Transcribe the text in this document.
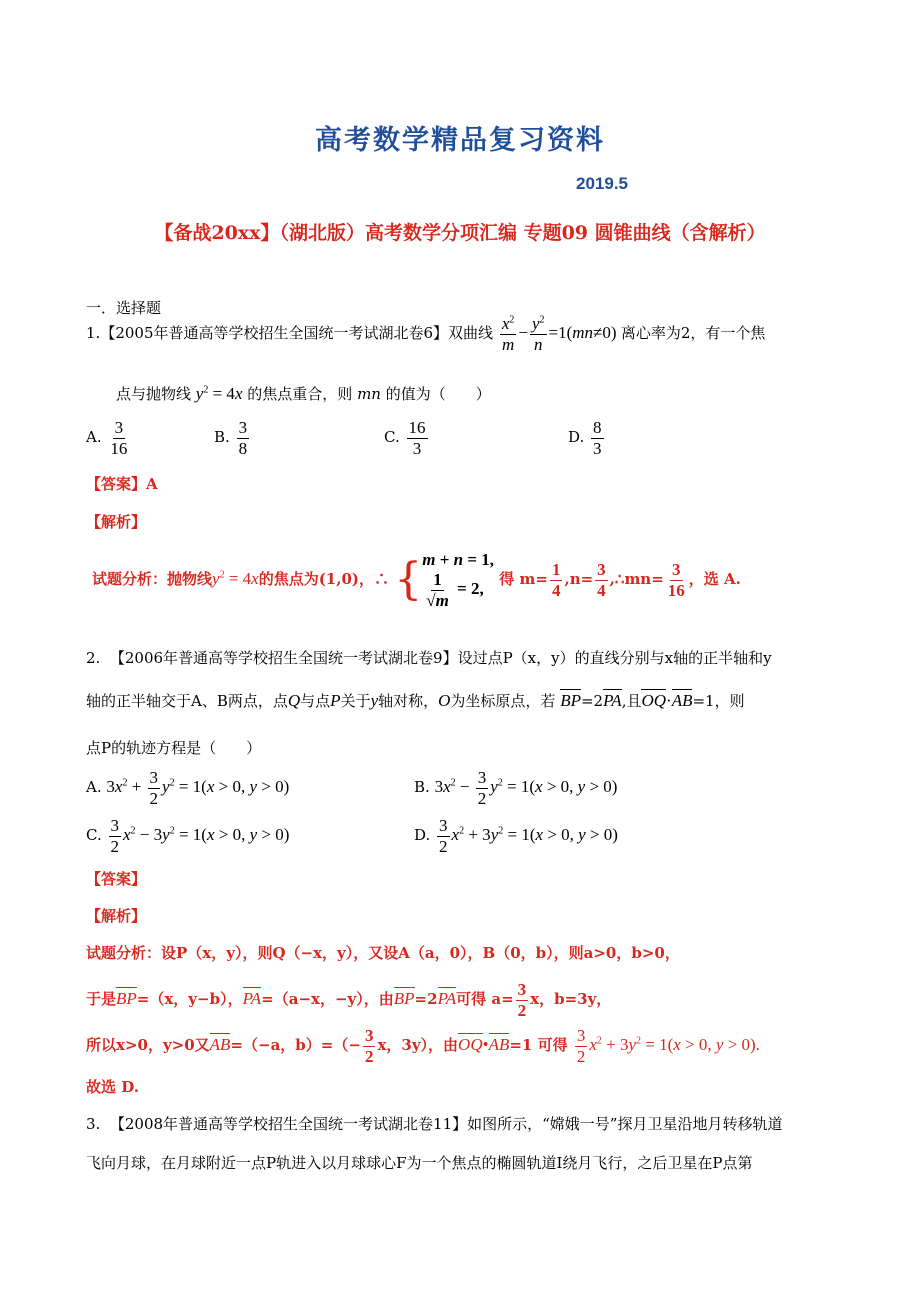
高考数学精品复习资料
2019.5
【备战20xx】（湖北版）高考数学分项汇编 专题09 圆锥曲线（含解析）
一．选择题
1.【2005年普通高等学校招生全国统一考试湖北卷6】双曲线 $\frac{x^2}{m} - \frac{y^2}{n} =1(mn\ne 0)$ 离心率为2，有一个焦
点与抛物线 $y^2 = 4x$ 的焦点重合，则 mn 的值为（　　）
A. $\frac{3}{16}$	B. $\frac{3}{8}$	C. $\frac{16}{3}$	D. $\frac{8}{3}$
【答案】A
【解析】
试题分析：抛物线$y^2 = 4x$的焦点为(1,0)，∴ { m + n = 1,
$\frac{1}{√m} = 2$,	得 $m= \frac{1}{4} ,n= \frac{3}{4}$ ,∴mn= $\frac{3}{16}$ ，选 A.
2. 【2006年普通高等学校招生全国统一考试湖北卷9】设过点P（x，y）的直线分别与x轴的正半轴和y
轴的正半轴交于A、B两点，点Q与点P关于y轴对称，O为坐标原点，若 BP=2PA,且OQ·AB=1，则
点P的轨迹方程是（　　）
A. $3x^2 + \frac{3}{2} y^2 = 1(x > 0$, y > 0)	B. $3x^2 - \frac{3}{2} y^2 = 1(x > 0$, y > 0)
C. $\frac{3}{2} x^2 - 3y^2 = 1(x > 0$, y > 0)	D. $\frac{3}{2} x^2 + 3y^2 = 1(x > 0$, y > 0)
【答案】
【解析】
试题分析：设P（x，y），则Q（−x，y），又设A（a，0），B（0，b），则a>0，b>0，
于是BP=（x，y−b），PA=（a−x，−y），由BP=2PA可得 $a= \frac{3}{2}$ x，b=3y，
所以x>0，y>0又AB=（−a，$b)=(- \frac{3}{2}$ x，3y），由OQ•AB=1 可得 $\frac{3}{2} x^2 + 3y^2 = 1(x > 0$, y > 0).
故选 D.
3. 【2008年普通高等学校招生全国统一考试湖北卷11】如图所示，“嫦娥一号”探月卫星沿地月转移轨道
飞向月球，在月球附近一点P轨进入以月球球心F为一个焦点的椭圆轨道Ⅰ绕月飞行，之后卫星在P点第
